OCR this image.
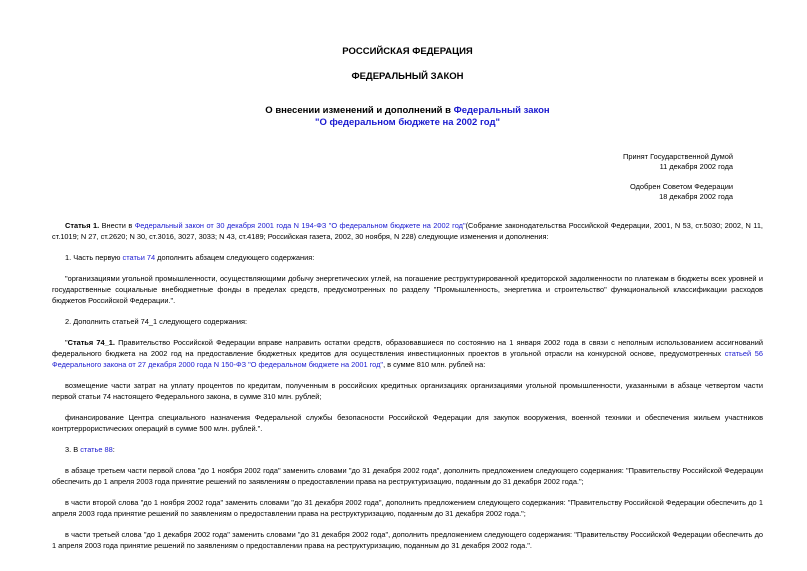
РОССИЙСКАЯ ФЕДЕРАЦИЯ
ФЕДЕРАЛЬНЫЙ ЗАКОН
О внесении изменений и дополнений в Федеральный закон
"О федеральном бюджете на 2002 год"
Принят Государственной Думой
11 декабря 2002 года
Одобрен Советом Федерации
18 декабря 2002 года

Статья 1. Внести в Федеральный закон от 30 декабря 2001 года N 194-ФЗ "О федеральном бюджете на 2002 год"(Собрание законодательства Российской Федерации, 2001, N 53, ст.5030; 2002, N 11, ст.1019; N 27, ст.2620; N 30, ст.3016, 3027, 3033; N 43, ст.4189; Российская газета, 2002, 30 ноября, N 228) следующие изменения и дополнения:

1. Часть первую статьи 74 дополнить абзацем следующего содержания:

"организациями угольной промышленности, осуществляющими добычу энергетических углей, на погашение реструктурированной кредиторской задолженности по платежам в бюджеты всех уровней и государственные социальные внебюджетные фонды в пределах средств, предусмотренных по разделу "Промышленность, энергетика и строительство" функциональной классификации расходов бюджетов Российской Федерации.".

2. Дополнить статьей 74_1 следующего содержания:

"Статья 74_1. Правительство Российской Федерации вправе направить остатки средств, образовавшиеся по состоянию на 1 января 2002 года в связи с неполным использованием ассигнований федерального бюджета на 2002 год на предоставление бюджетных кредитов для осуществления инвестиционных проектов в угольной отрасли на конкурсной основе, предусмотренных статьей 56 Федерального закона от 27 декабря 2000 года N 150-ФЗ "О федеральном бюджете на 2001 год", в сумме 810 млн. рублей на:

возмещение части затрат на уплату процентов по кредитам, полученным в российских кредитных организациях организациями угольной промышленности, указанными в абзаце четвертом части первой статьи 74 настоящего Федерального закона, в сумме 310 млн. рублей;

финансирование Центра специального назначения Федеральной службы безопасности Российской Федерации для закупок вооружения, военной техники и обеспечения жильем участников контртеррористических операций в сумме 500 млн. рублей.".

3. В статье 88:

в абзаце третьем части первой слова "до 1 ноября 2002 года" заменить словами "до 31 декабря 2002 года", дополнить предложением следующего содержания: "Правительству Российской Федерации обеспечить до 1 апреля 2003 года принятие решений по заявлениям о предоставлении права на реструктуризацию, поданным до 31 декабря 2002 года.";

в части второй слова "до 1 ноября 2002 года" заменить словами "до 31 декабря 2002 года", дополнить предложением следующего содержания: "Правительству Российской Федерации обеспечить до 1 апреля 2003 года принятие решений по заявлениям о предоставлении права на реструктуризацию, поданным до 31 декабря 2002 года.";

в части третьей слова "до 1 декабря 2002 года" заменить словами "до 31 декабря 2002 года", дополнить предложением следующего содержания: "Правительству Российской Федерации обеспечить до 1 апреля 2003 года принятие решений по заявлениям о предоставлении права на реструктуризацию, поданным до 31 декабря 2002 года.".
